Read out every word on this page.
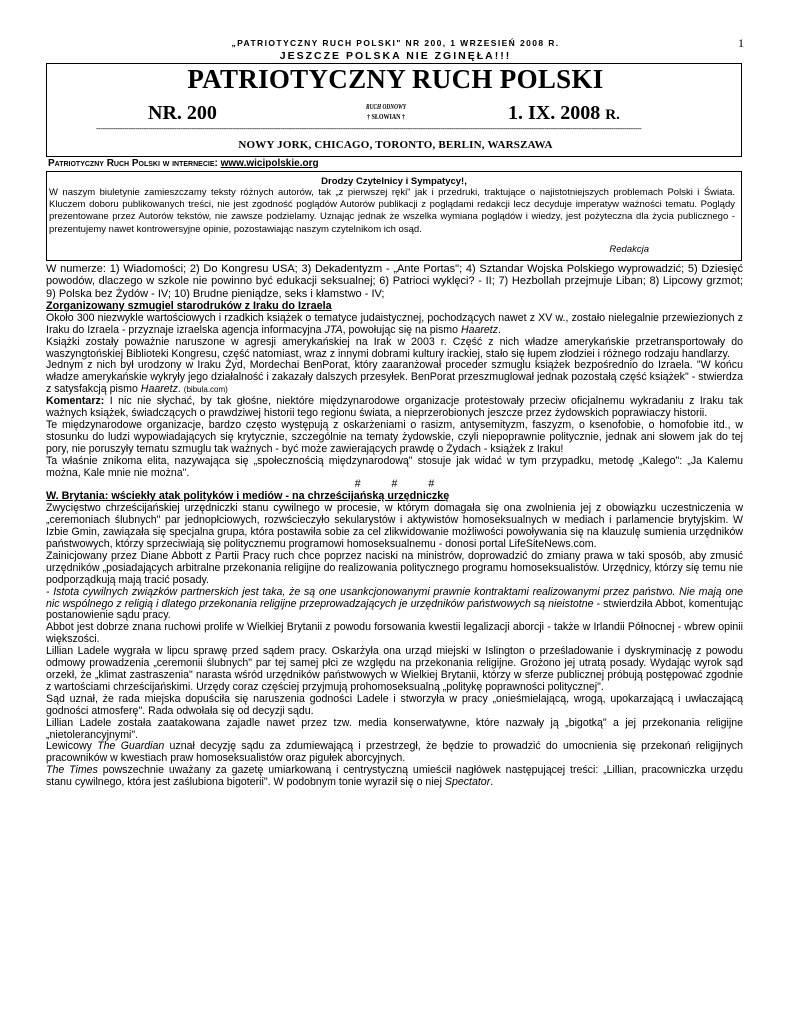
„PATRIOTYCZNY RUCH POLSKI" NR 200, 1 WRZESIEŃ 2008 R.
JESZCZE POLSKA NIE ZGINĘŁA!!!
1
PATRIOTYCZNY RUCH POLSKI
NR. 200	RUCH ODNOWY
† SŁOWIAN †	1. IX. 2008 R.
------------------------------------------------------------------------------------------------------------------------------------------------------------------------------------------------------------------------------------------------------------
NOWY JORK, CHICAGO, TORONTO, BERLIN, WARSZAWA
Patriotyczny Ruch Polski w internecie: www.wicipolskie.org
Drodzy Czytelnicy i Sympatycy!,
W naszym biuletynie zamieszczamy teksty różnych autorów, tak „z pierwszej ręki" jak i przedruki, traktujące o najistotniejszych problemach Polski i Świata. Kluczem doboru publikowanych treści, nie jest zgodność poglądów Autorów publikacji z poglądami redakcji lecz decyduje imperatyw ważności tematu. Poglądy prezentowane przez Autorów tekstów, nie zawsze podzielamy. Uznając jednak że wszelka wymiana poglądów i wiedzy, jest pożyteczna dla życia publicznego - prezentujemy nawet kontrowersyjne opinie, pozostawiając naszym czytelnikom ich osąd.
Redakcja

W numerze: 1) Wiadomości; 2) Do Kongresu USA; 3) Dekadentyzm - „Ante Portas"; 4) Sztandar Wojska Polskiego wyprowadzić; 5) Dziesięć powodów, dlaczego w szkole nie powinno być edukacji seksualnej; 6) Patrioci wyklęci? - II; 7) Hezbollah przejmuje Liban; 8) Lipcowy grzmot; 9) Polska bez Żydów - IV; 10) Brudne pieniądze, seks i kłamstwo - IV;

Zorganizowany szmugiel starodruków z Iraku do Izraela

Około 300 niezwykle wartościowych i rzadkich książek o tematyce judaistycznej, pochodzących nawet z XV w., zostało nielegalnie przewiezionych z Iraku do Izraela - przyznaje izraelska agencja informacyjna JTA, powołując się na pismo Haaretz.

Książki zostały poważnie naruszone w agresji amerykańskiej na Irak w 2003 r. Część z nich władze amerykańskie przetransportowały do waszyngtońskiej Biblioteki Kongresu, część natomiast, wraz z innymi dobrami kultury irackiej, stało się łupem złodziei i różnego rodzaju handlarzy.

Jednym z nich był urodzony w Iraku Żyd, Mordechai BenPorat, który zaaranżował proceder szmuglu książek bezpośrednio do Izraela. "W końcu władze amerykańskie wykryły jego działalność i zakazały dalszych przesyłek. BenPorat przeszmuglował jednak pozostałą część książek" - stwierdza z satysfakcją pismo Haaretz. (bibula.com)

Komentarz: I nic nie słychać, by tak głośne, niektóre międzynarodowe organizacje protestowały przeciw oficjalnemu wykradaniu z Iraku tak ważnych książek, świadczących o prawdziwej historii tego regionu świata, a nieprzerobionych jeszcze przez żydowskich poprawiaczy historii.

Te międzynarodowe organizacje, bardzo często występują z oskarżeniami o rasizm, antysemityzm, faszyzm, o ksenofobie, o homofobie itd., w stosunku do ludzi wypowiadających się krytycznie, szczególnie na tematy żydowskie, czyli niepoprawnie politycznie, jednak ani słowem jak do tej pory, nie poruszyły tematu szmuglu tak ważnych - być może zawierających prawdę o Żydach - książek z Iraku!

Ta właśnie znikoma elita, nazywająca się „społecznością międzynarodową" stosuje jak widać w tym przypadku, metodę „Kalego": „Ja Kalemu można, Kale mnie nie można".

# # #

W. Brytania: wściekły atak polityków i mediów - na chrześcijańską urzędniczkę

Zwycięstwo chrześcijańskiej urzędniczki stanu cywilnego w procesie, w którym domagała się ona zwolnienia jej z obowiązku uczestniczenia w „ceremoniach ślubnych" par jednopłciowych, rozwścieczyło sekularystów i aktywistów homoseksualnych w mediach i parlamencie brytyjskim. W Izbie Gmin, zawiązała się specjalna grupa, która postawiła sobie za cel zlikwidowanie możliwości powoływania się na klauzulę sumienia urzędników państwowych, którzy sprzeciwiają się politycznemu programowi homoseksualnemu - donosi portal LifeSiteNews.com.

Zainicjowany przez Diane Abbott z Partii Pracy ruch chce poprzez naciski na ministrów, doprowadzić do zmiany prawa w taki sposób, aby zmusić urzędników „posiadających arbitralne przekonania religijne do realizowania politycznego programu homoseksualistów. Urzędnicy, którzy się temu nie podporządkują mają tracić posady.

- Istota cywilnych związków partnerskich jest taka, że są one usankcjonowanymi prawnie kontraktami realizowanymi przez państwo. Nie mają one nic wspólnego z religią i dlatego przekonania religijne przeprowadzających je urzędników państwowych są nieistotne - stwierdziła Abbot, komentując postanowienie sądu pracy.

Abbot jest dobrze znana ruchowi prolife w Wielkiej Brytanii z powodu forsowania kwestii legalizacji aborcji - także w Irlandii Północnej - wbrew opinii większości.

Lillian Ladele wygrała w lipcu sprawę przed sądem pracy. Oskarżyła ona urząd miejski w Islington o prześladowanie i dyskryminację z powodu odmowy prowadzenia „ceremonii ślubnych" par tej samej płci ze względu na przekonania religijne. Grożono jej utratą posady. Wydając wyrok sąd orzekł, że „klimat zastraszenia" narasta wśród urzędników państwowych w Wielkiej Brytanii, którzy w sferze publicznej próbują postępować zgodnie z wartościami chrześcijańskimi. Urzędy coraz częściej przyjmują prohomoseksualną „politykę poprawności politycznej".

Sąd uznał, że rada miejska dopuściła się naruszenia godności Ladele i stworzyła w pracy „onieśmielającą, wrogą, upokarzającą i uwłaczającą godności atmosferę". Rada odwołała się od decyzji sądu.

Lillian Ladele została zaatakowana zajadle nawet przez tzw. media konserwatywne, które nazwały ją „bigotką" a jej przekonania religijne „nietolerancyjnymi".

Lewicowy The Guardian uznał decyzję sądu za zdumiewającą i przestrzegł, że będzie to prowadzić do umocnienia się przekonań religijnych pracowników w kwestiach praw homoseksualistów oraz pigułek aborcyjnych.

The Times powszechnie uważany za gazetę umiarkowaną i centrystyczną umieścił nagłówek następującej treści: „Lillian, pracowniczka urzędu stanu cywilnego, która jest zaślubiona bigoterii". W podobnym tonie wyraził się o niej Spectator.
